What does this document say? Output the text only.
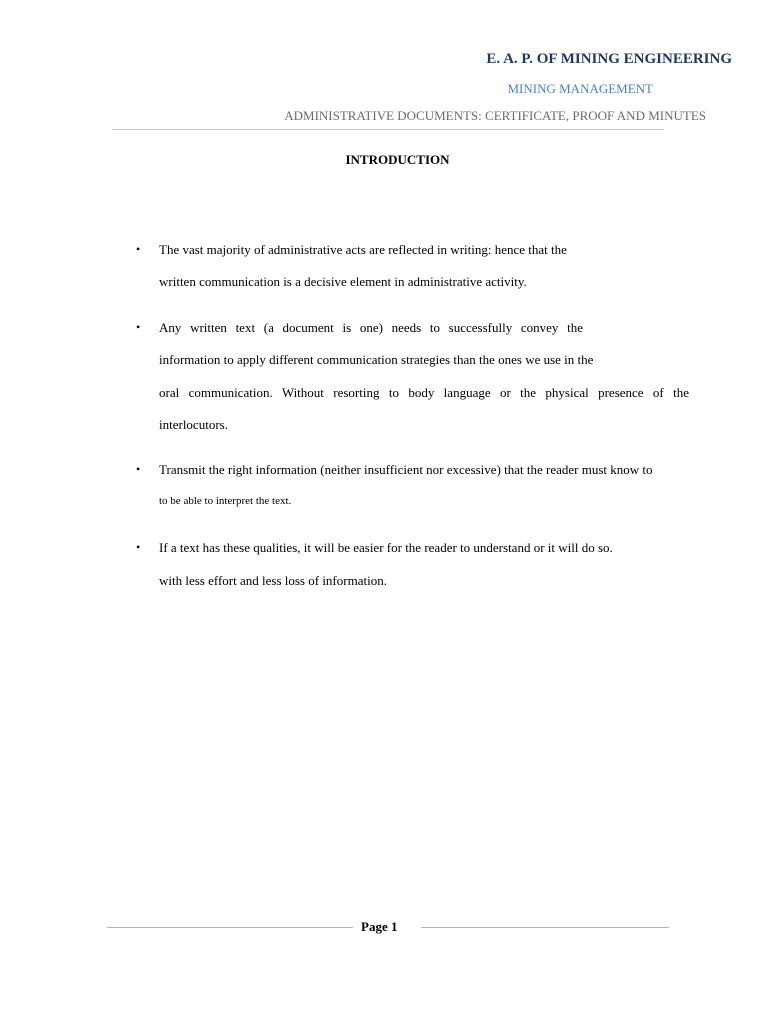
E. A. P. OF MINING ENGINEERING
MINING MANAGEMENT
ADMINISTRATIVE DOCUMENTS: CERTIFICATE, PROOF AND MINUTES
INTRODUCTION
• The vast majority of administrative acts are reflected in writing: hence that the
written communication is a decisive element in administrative activity.
• Any written text (a document is one) needs to successfully convey the
information to apply different communication strategies than the ones we use in the
oral communication. Without resorting to body language or the physical presence of the
interlocutors.
• Transmit the right information (neither insufficient nor excessive) that the reader must know to
to be able to interpret the text.
• If a text has these qualities, it will be easier for the reader to understand or it will do so.
with less effort and less loss of information.
Page 1
